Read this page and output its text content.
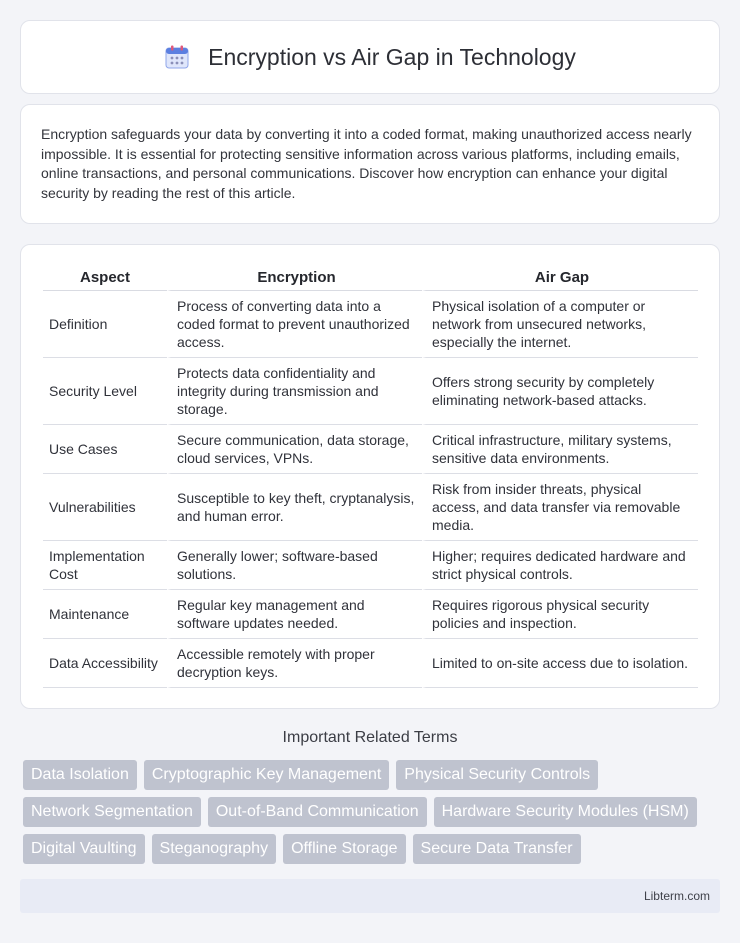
Encryption vs Air Gap in Technology

Encryption safeguards your data by converting it into a coded format, making unauthorized access nearly impossible. It is essential for protecting sensitive information across various platforms, including emails, online transactions, and personal communications. Discover how encryption can enhance your digital security by reading the rest of this article.

Aspect	Encryption	Air Gap
Definition	Process of converting data into a coded format to prevent unauthorized access.	Physical isolation of a computer or network from unsecured networks, especially the internet.
Security Level	Protects data confidentiality and integrity during transmission and storage.	Offers strong security by completely eliminating network-based attacks.
Use Cases	Secure communication, data storage, cloud services, VPNs.	Critical infrastructure, military systems, sensitive data environments.
Vulnerabilities	Susceptible to key theft, cryptanalysis, and human error.	Risk from insider threats, physical access, and data transfer via removable media.
Implementation Cost	Generally lower; software-based solutions.	Higher; requires dedicated hardware and strict physical controls.
Maintenance	Regular key management and software updates needed.	Requires rigorous physical security policies and inspection.
Data Accessibility	Accessible remotely with proper decryption keys.	Limited to on-site access due to isolation.
Important Related Terms
Data Isolation	Cryptographic Key Management	Physical Security Controls
Network Segmentation	Out-of-Band Communication	Hardware Security Modules (HSM)
Digital Vaulting	Steganography	Offline Storage	Secure Data Transfer
Libterm.com
